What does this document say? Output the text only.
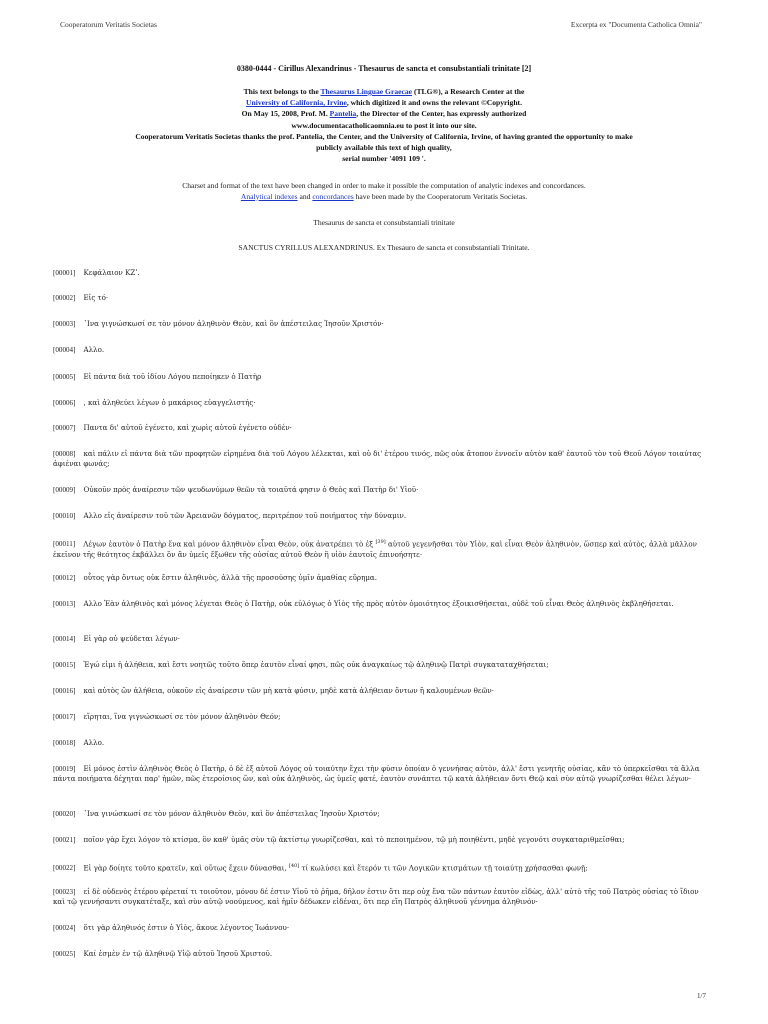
Cooperatorum Veritatis Societas	Excerpta ex "Documenta Catholica Omnia"
0380-0444 - Cirillus Alexandrinus - Thesaurus de sancta et consubstantiali trinitate [2]
This text belongs to the Thesaurus Linguae Graecae (TLG®), a Research Center at the
University of California, Irvine, which digitized it and owns the relevant ©Copyright.
On May 15, 2008, Prof. M. Pantelia, the Director of the Center, has expressly authorized
www.documentacatholicaomnia.eu to post it into our site.
Cooperatorum Veritatis Societas thanks the prof. Pantelia, the Center, and the University of California, Irvine, of having granted the opportunity to make
publicly available this text of high quality,
serial number '4091 109 '.
Charset and format of the text have been changed in order to make it possible the computation of analytic indexes and concordances.
Analytical indexes and concordances have been made by the Cooperatorum Veritatis Societas.
Thesaurus de sancta et consubstantiali trinitate
SANCTUS CYRILLUS ALEXANDRINUS. Ex Thesauro de sancta et consubstantiali Trinitate.
[00001] Κεφάλαιον ΚΖʹ.
[00002] Εἰς τό·
[00003] ῾Ινα γιγνώσκωσί σε τὸν μόνον ἀληθινὸν Θεὸν, καὶ ὃν ἀπέστειλας Ἰησοῦν Χριστόν·
[00004] Αλλο.
[00005] Εἰ πάντα διὰ τοῦ ἰδίου Λόγου πεποίηκεν ὁ Πατὴρ
[00006] , καὶ ἀληθεύει λέγων ὁ μακάριος εὐαγγελιστής·
[00007] Παντα δι' αὐτοῦ ἐγένετο, καὶ χωρὶς αὐτοῦ ἐγένετο οὐδέν·
[00008] καὶ πάλιν εἰ πάντα διὰ τῶν προφητῶν εἰρημένα διὰ τοῦ Λόγου λέλεκται, καὶ οὐ δι' ἑτέρου τινός, πῶς οὐκ ἄτοπον ἐννοεῖν αὐτὸν καθ' ἑαυτοῦ τὸν τοῦ Θεοῦ Λόγον τοιαύτας ἀφιέναι φωνάς;
[00009] Οὐκοῦν πρὸς ἀναίρεσιν τῶν ψευδωνύμων θεῶν τὰ τοιαῦτά φησιν ὁ Θεὸς καὶ Πατὴρ δι' Υἱοῦ·
[00010] Αλλο εἰς ἀναίρεσιν τοῦ τῶν Ἀρειανῶν δόγματος, περιτρέπον τοῦ ποιήματος τὴν δύναμιν.
[00011] Λέγων ἑαυτὸν ὁ Πατὴρ ἕνα καὶ μόνον ἀληθινὸν εἶναι Θεὸν, οὐκ ἀνατρέπει τὸ ἐξ [39] αὐτοῦ γεγενῆσθαι τὸν Υἱὸν, καὶ εἶναι Θεὸν ἀληθινὸν, ὥσπερ καὶ αὐτὸς, ἀλλὰ μᾶλλον ἐκεῖνον τῆς θεότητος ἐκβάλλει ὃν ἂν ὑμεῖς ἔξωθεν τῆς οὐσίας αὐτοῦ Θεὸν ἢ υἱὸν ἑαυτοῖς ἐπινοήσητε·
[00012] οὗτος γὰρ ὄντως οὐκ ἔστιν ἀληθινὸς, ἀλλὰ τῆς προσούσης ὑμῖν ἀμαθίας εὕρημα.
[00013] Αλλο Ἐὰν ἀληθινὸς καὶ μόνος λέγεται Θεὸς ὁ Πατὴρ, οὐκ εὐλόγως ὁ Υἱὸς τῆς πρὸς αὐτὸν ὁμοιότητος ἐξοικισθήσεται, οὐδὲ τοῦ εἶναι Θεὸς ἀληθινὸς ἐκβληθήσεται.
[00014] Εἰ γὰρ οὐ ψεύδεται λέγων·
[00015] Ἐγώ εἰμι ἡ ἀλήθεια, καὶ ἔστι νοητῶς τοῦτο ὅπερ ἑαυτὸν εἶναί φησι, πῶς οὐκ ἀναγκαίως τῷ ἀληθινῷ Πατρὶ συγκαταταχθήσεται;
[00016] καὶ αὐτὸς ὢν ἀλήθεια, οὐκοῦν εἰς ἀναίρεσιν τῶν μὴ κατὰ φύσιν, μηδὲ κατὰ ἀλήθειαν ὄντων ἢ καλουμένων θεῶν·
[00017] εἴρηται, ἵνα γιγνώσκωσί σε τὸν μόνον ἀληθινὸν Θεόν;
[00018] Αλλο.
[00019] Εἰ μόνος ἐστὶν ἀληθινὸς Θεὸς ὁ Πατὴρ, ὁ δὲ ἐξ αὐτοῦ Λόγος οὐ τοιαύτην ἔχει τὴν φύσιν ὁποίαν ὁ γεννήσας αὐτὸν, ἀλλ' ἔστι γενητῆς οὐσίας, κἂν τὸ ὑπερκεῖσθαι τὰ ἄλλα πάντα ποιήματα δέχηται παρ' ἡμῶν, πῶς ἑτεροίσιος ὢν, καὶ οὐκ ἀληθινὸς, ὡς ὑμεῖς φατέ, ἑαυτὸν συνάπτει τῷ κατὰ ἀλήθειαν ὄντι Θεῷ καὶ σὺν αὐτῷ γνωρίζεσθαι θέλει λέγων·
[00020] ῾Ινα γινώσκωσί σε τὸν μόνον ἀληθινὸν Θεὸν, καὶ ὃν ἀπέστειλας Ἰησοῦν Χριστόν;
[00021] ποῖον γὰρ ἔχει λόγον τὸ κτίσμα, ὃν καθ' ὑμᾶς σὺν τῷ ἀκτίστῳ γνωρίζεσθαι, καὶ τὸ πεποιημένον, τῷ μὴ ποιηθέντι, μηδὲ γεγονότι συγκαταριθμεῖσθαι;
[00022] Εἰ γὰρ δοίητε τοῦτο κρατεῖν, καὶ οὕτως ἔχειν δύνασθαι, [40] τί κωλύσει καὶ ἕτερόν τι τῶν Λογικῶν κτισμάτων τῇ τοιαύτῃ χρήσασθαι φωνῇ;
[00023] εἰ δὲ οὐδενὸς ἑτέρου φέρεταί τι τοιοῦτον, μόνου δέ ἐστιν Υἱοῦ τὸ ῥῆμα, δῆλον ἐστιν ὅτι περ οὐχ ἕνα τῶν πάντων ἑαυτὸν εἰδὼς, ἀλλ' αὐτὸ τῆς τοῦ Πατρὸς οὐσίας τὸ ἴδιον καὶ τῷ γεννήσαντι συγκατέταξε, καὶ σὺν αὐτῷ νοούμενος, καὶ ἡμῖν δέδωκεν εἰδέναι, ὅτι περ εἴη Πατρὸς ἀληθινοῦ γέννημα ἀληθινόν·
[00024] ὅτι γὰρ ἀληθινός ἐστιν ὁ Υἱὸς, ἄκουε λέγοντος Ἰωάννου·
[00025] Καί ἐσμὲν ἐν τῷ ἀληθινῷ Υἱῷ αὐτοῦ Ἰησοῦ Χριστοῦ.
1/7
